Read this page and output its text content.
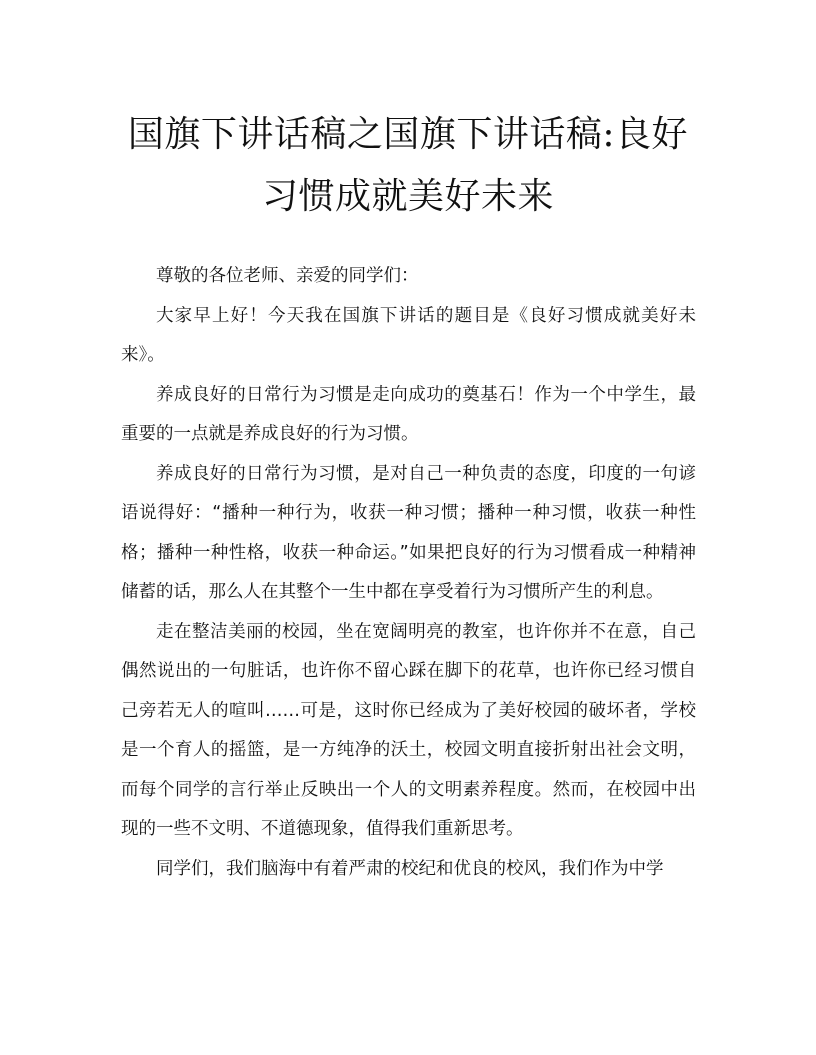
国旗下讲话稿之国旗下讲话稿:良好习惯成就美好未来

尊敬的各位老师、亲爱的同学们：

大家早上好！今天我在国旗下讲话的题目是《良好习惯成就美好未来》。

养成良好的日常行为习惯是走向成功的奠基石！作为一个中学生，最重要的一点就是养成良好的行为习惯。

养成良好的日常行为习惯，是对自己一种负责的态度，印度的一句谚语说得好：“播种一种行为，收获一种习惯；播种一种习惯，收获一种性格；播种一种性格，收获一种命运。”如果把良好的行为习惯看成一种精神储蓄的话，那么人在其整个一生中都在享受着行为习惯所产生的利息。

走在整洁美丽的校园，坐在宽阔明亮的教室，也许你并不在意，自己偶然说出的一句脏话，也许你不留心踩在脚下的花草，也许你已经习惯自己旁若无人的喧叫……可是，这时你已经成为了美好校园的破坏者，学校是一个育人的摇篮，是一方纯净的沃土，校园文明直接折射出社会文明，而每个同学的言行举止反映出一个人的文明素养程度。然而，在校园中出现的一些不文明、不道德现象，值得我们重新思考。

同学们，我们脑海中有着严肃的校纪和优良的校风，我们作为中学
